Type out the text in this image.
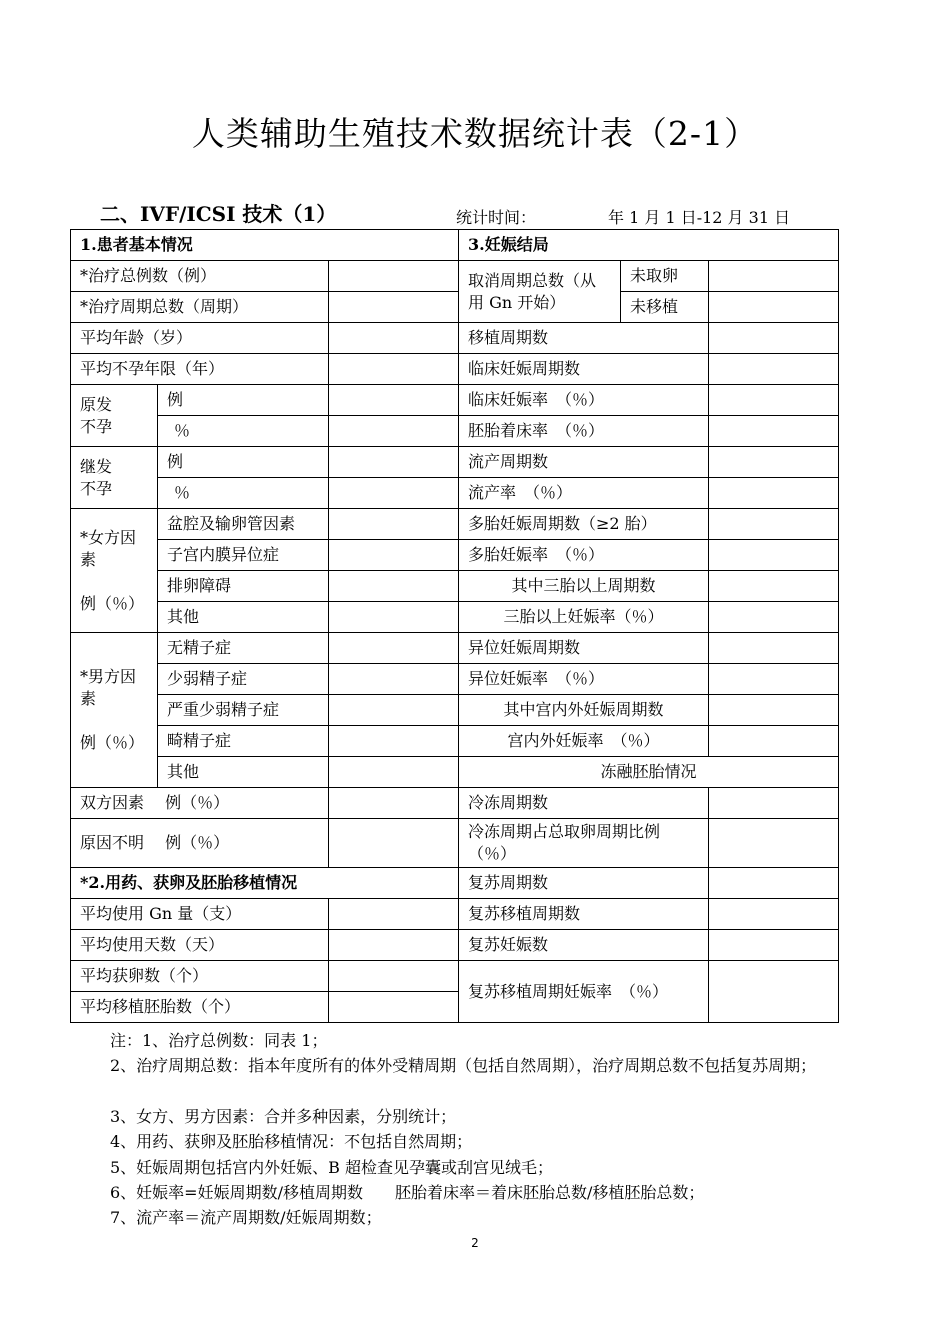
人类辅助生殖技术数据统计表（2-1）
二、IVF/ICSI 技术（1）	统计时间：	年 1 月 1 日-12 月 31 日
1.患者基本情况			3.妊娠结局		
*治疗总例数（例）			取消周期总数（从用 Gn 开始）	未取卵	
*治疗周期总数（周期）				未移植	
平均年龄（岁）			移植周期数		
平均不孕年限（年）			临床妊娠周期数		
原发
不孕	例		临床妊娠率　（％）		
	％		胚胎着床率　（％）		
继发
不孕	例		流产周期数		
	％		流产率　（％）		
*女方因素

例（％）	盆腔及输卵管因素		多胎妊娠周期数（≥2 胎）		
	子宫内膜异位症		多胎妊娠率　（％）		
	排卵障碍		其中三胎以上周期数		
	其他		三胎以上妊娠率（％）		
*男方因素

例（％）	无精子症		异位妊娠周期数		
	少弱精子症		异位妊娠率　（％）		
	严重少弱精子症		其中宫内外妊娠周期数		
	畸精子症		宫内外妊娠率　（％）		
	其他		冻融胚胎情况		
双方因素　 例（％）			冷冻周期数		
原因不明 　例（％）			冷冻周期占总取卵周期比例（％）		
*2.用药、获卵及胚胎移植情况			复苏周期数		
平均使用 Gn 量（支）			复苏移植周期数		
平均使用天数（天）			复苏妊娠数		
平均获卵数（个）			复苏移植周期妊娠率　（％）		
平均移植胚胎数（个）					
注：1、治疗总例数：同表 1；
2、治疗周期总数：指本年度所有的体外受精周期（包括自然周期），治疗周期总数不包括复苏周期；
3、女方、男方因素：合并多种因素，分别统计；
4、用药、获卵及胚胎移植情况：不包括自然周期；
5、妊娠周期包括宫内外妊娠、B 超检查见孕囊或刮宫见绒毛；
6、妊娠率=妊娠周期数/移植周期数　　胚胎着床率＝着床胚胎总数/移植胚胎总数；
7、流产率＝流产周期数/妊娠周期数；
2
